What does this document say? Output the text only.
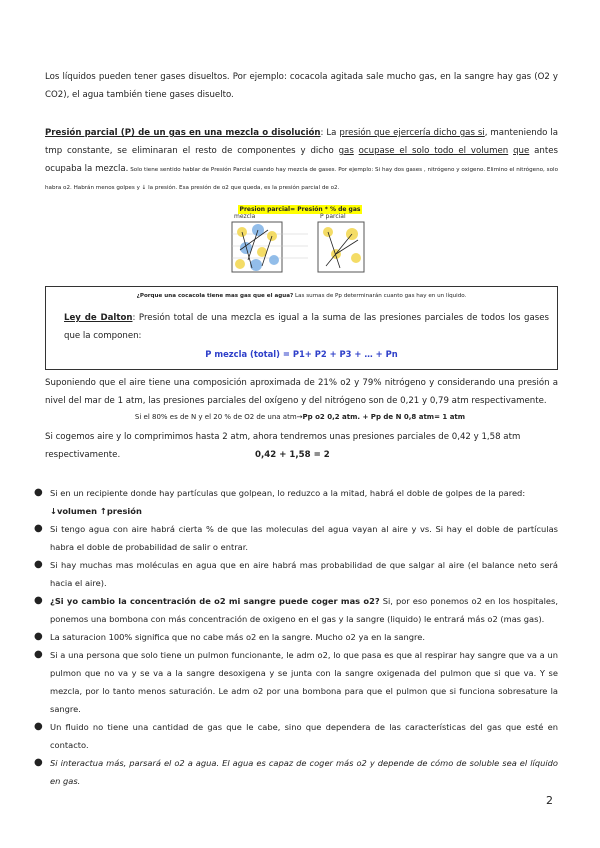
Los líquidos pueden tener gases disueltos. Por ejemplo: cocacola agitada sale mucho gas, en la sangre hay gas (O2 y CO2), el agua también tiene gases disuelto.

Presión parcial (P) de un gas en una mezcla o disolución: La presión que ejercería dicho gas si, manteniendo la tmp constante, se eliminaran el resto de componentes y dicho gas ocupase el solo todo el volumen que antes ocupaba la mezcla. Solo tiene sentido hablar de Presión Parcial cuando hay mezcla de gases. Por ejemplo: Si hay dos gases , nitrógeno y oxigeno. Elimino el nitrógeno, solo habra o2. Habrán menos golpes y ↓ la presión. Esa presión de o2 que queda, es la presión parcial de o2.

Presion parcial= Presión * % de gas
mezcla	P parcial
¿Porque una cocacola tiene mas gas que el agua? Las sumas de Pp determinarán cuanto gas hay en un líquido.

Ley de Dalton: Presión total de una mezcla es igual a la suma de las presiones parciales de todos los gases que la componen:

P mezcla (total) = P1+ P2 + P3 + … + Pn

Suponiendo que el aire tiene una composición aproximada de 21% o2 y 79% nitrógeno y considerando una presión a nivel del mar de 1 atm, las presiones parciales del oxígeno y del nitrógeno son de 0,21 y 0,79 atm respectivamente.

Si el 80% es de N y el 20 % de O2 de una atm→Pp o2 0,2 atm. + Pp de N 0,8 atm= 1 atm

Si cogemos aire y lo comprimimos hasta 2 atm, ahora tendremos unas presiones parciales de 0,42 y 1,58 atm

respectivamente.	0,42 + 1,58 = 2
● Si en un recipiente donde hay partículas que golpean, lo reduzco a la mitad, habrá el doble de golpes de la pared:
↓volumen ↑presión
● Si tengo agua con aire habrá cierta % de que las moleculas del agua vayan al aire y vs. Si hay el doble de partículas habra el doble de probabilidad de salir o entrar.
● Si hay muchas mas moléculas en agua que en aire habrá mas probabilidad de que salgar al aire (el balance neto será hacia el aire).
● ¿Si yo cambio la concentración de o2 mi sangre puede coger mas o2? Si, por eso ponemos o2 en los hospitales, ponemos una bombona con más concentración de oxigeno en el gas y la sangre (liquido) le entrará más o2 (mas gas).
● La saturacion 100% significa que no cabe más o2 en la sangre. Mucho o2 ya en la sangre.
● Si a una persona que solo tiene un pulmon funcionante, le adm o2, lo que pasa es que al respirar hay sangre que va a un pulmon que no va y se va a la sangre desoxigena y se junta con la sangre oxigenada del pulmon que si que va. Y se mezcla, por lo tanto menos saturación. Le adm o2 por una bombona para que el pulmon que si funciona sobresature la sangre.
● Un fluido no tiene una cantidad de gas que le cabe, sino que dependera de las características del gas que esté en contacto.
● Si interactua más, parsará el o2 a agua. El agua es capaz de coger más o2 y depende de cómo de soluble sea el líquido en gas.
2
